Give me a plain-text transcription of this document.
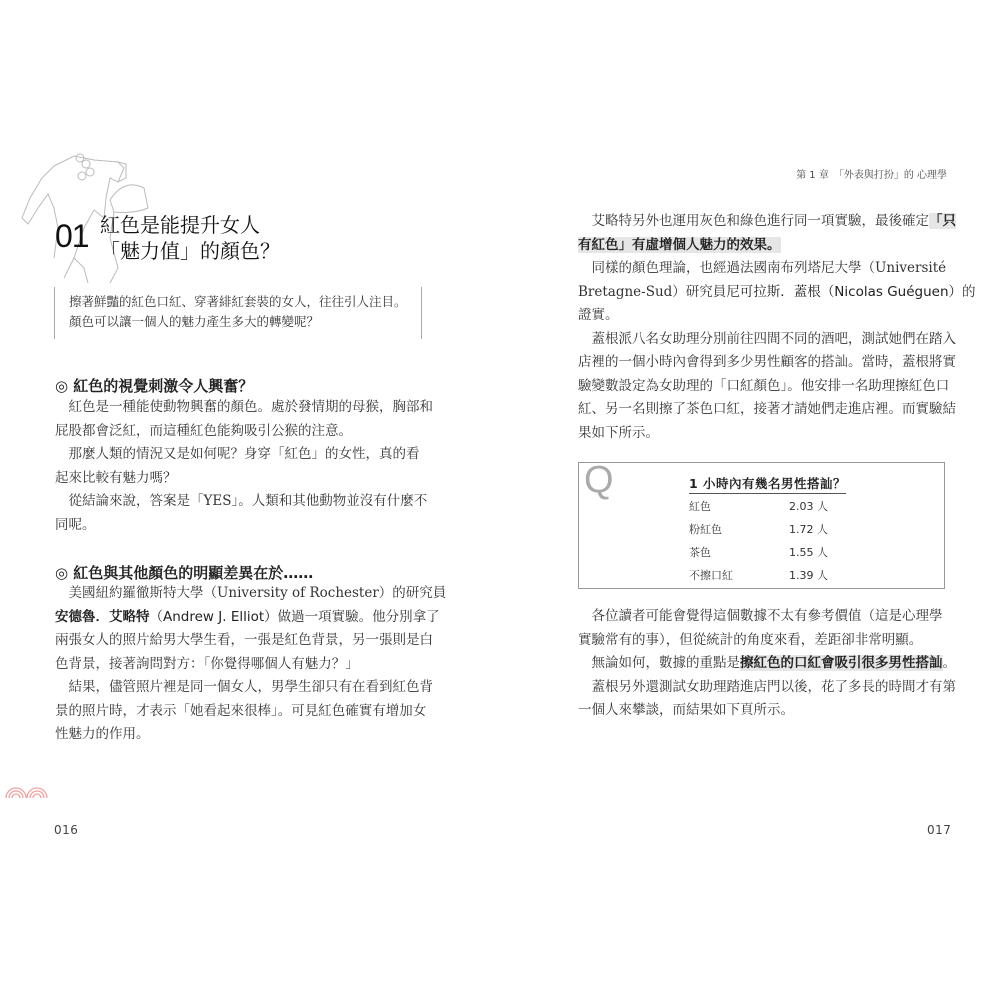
01 紅色是能提升女人
「魅力值」的顏色？
擦著鮮豔的紅色口紅、穿著緋紅套裝的女人，往往引人注目。
顏色可以讓一個人的魅力產生多大的轉變呢？
◎ 紅色的視覺刺激令人興奮？
　紅色是一種能使動物興奮的顏色。處於發情期的母猴，胸部和
屁股都會泛紅，而這種紅色能夠吸引公猴的注意。
　那麼人類的情況又是如何呢？身穿「紅色」的女性，真的看
起來比較有魅力嗎？
　從結論來說，答案是「YES」。人類和其他動物並沒有什麼不
同呢。
◎ 紅色與其他顏色的明顯差異在於……
　美國紐約羅徹斯特大學（University of Rochester）的研究員
安德魯．艾略特（Andrew J. Elliot）做過一項實驗。他分別拿了
兩張女人的照片給男大學生看，一張是紅色背景，另一張則是白
色背景，接著詢問對方：「你覺得哪個人有魅力？」
　結果，儘管照片裡是同一個女人，男學生卻只有在看到紅色背
景的照片時，才表示「她看起來很棒」。可見紅色確實有增加女
性魅力的作用。
016
第 1 章　「外表與打扮」的 心理學
　艾略特另外也運用灰色和綠色進行同一項實驗，最後確定「只
有紅色」有虛增個人魅力的效果。
　同樣的顏色理論，也經過法國南布列塔尼大學（Université
Bretagne-Sud）研究員尼可拉斯．蓋根（Nicolas Guéguen）的
證實。
　蓋根派八名女助理分別前往四間不同的酒吧，測試她們在踏入
店裡的一個小時內會得到多少男性顧客的搭訕。當時，蓋根將實
驗變數設定為女助理的「口紅顏色」。他安排一名助理擦紅色口
紅、另一名則擦了茶色口紅，接著才請她們走進店裡。而實驗結
果如下所示。
Q	1 小時內有幾名男性搭訕？
紅色	2.03 人
粉紅色	1.72 人
茶色	1.55 人
不擦口紅	1.39 人
　各位讀者可能會覺得這個數據不太有參考價值（這是心理學
實驗常有的事），但從統計的角度來看，差距卻非常明顯。
　無論如何，數據的重點是擦紅色的口紅會吸引很多男性搭訕。
　蓋根另外還測試女助理踏進店門以後，花了多長的時間才有第
一個人來攀談，而結果如下頁所示。
017
